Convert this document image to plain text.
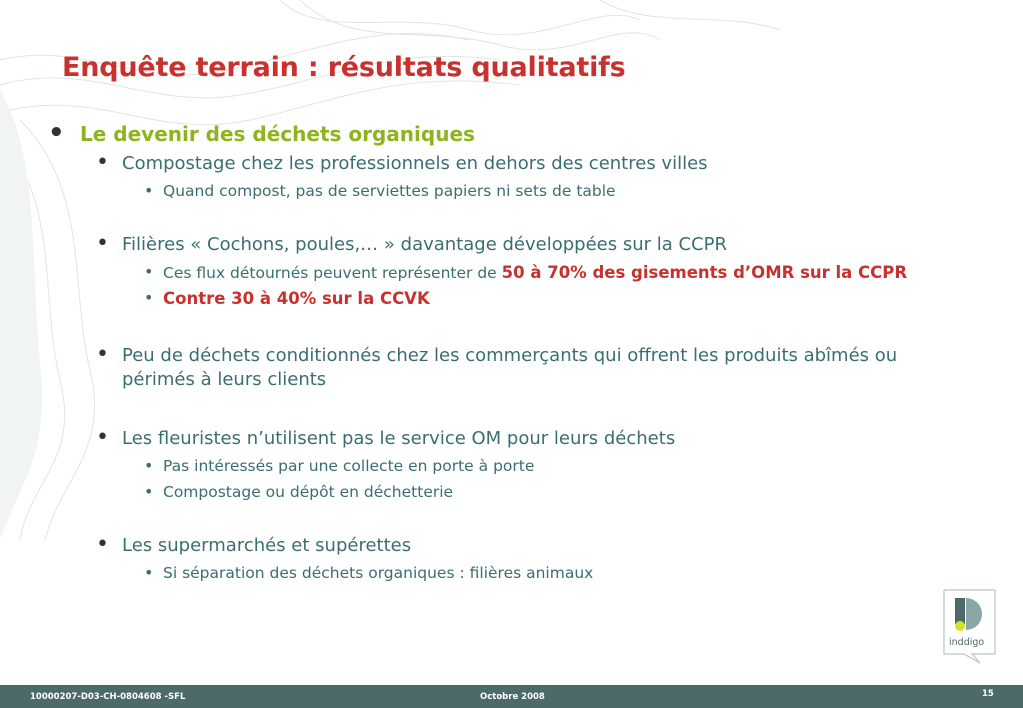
Enquête terrain : résultats qualitatifs
• Le devenir des déchets organiques
• Compostage chez les professionnels en dehors des centres villes
• Quand compost, pas de serviettes papiers ni sets de table
• Filières « Cochons, poules,… » davantage développées sur la CCPR
• Ces flux détournés peuvent représenter de 50 à 70% des gisements d’OMR sur la CCPR
• Contre 30 à 40% sur la CCVK
• Peu de déchets conditionnés chez les commerçants qui offrent les produits abîmés ou
périmés à leurs clients
• Les fleuristes n’utilisent pas le service OM pour leurs déchets
• Pas intéressés par une collecte en porte à porte
• Compostage ou dépôt en déchetterie
• Les supermarchés et supérettes
• Si séparation des déchets organiques : filières animaux
inddigo
10000207-D03-CH-0804608 -SFL	Octobre 2008	15
